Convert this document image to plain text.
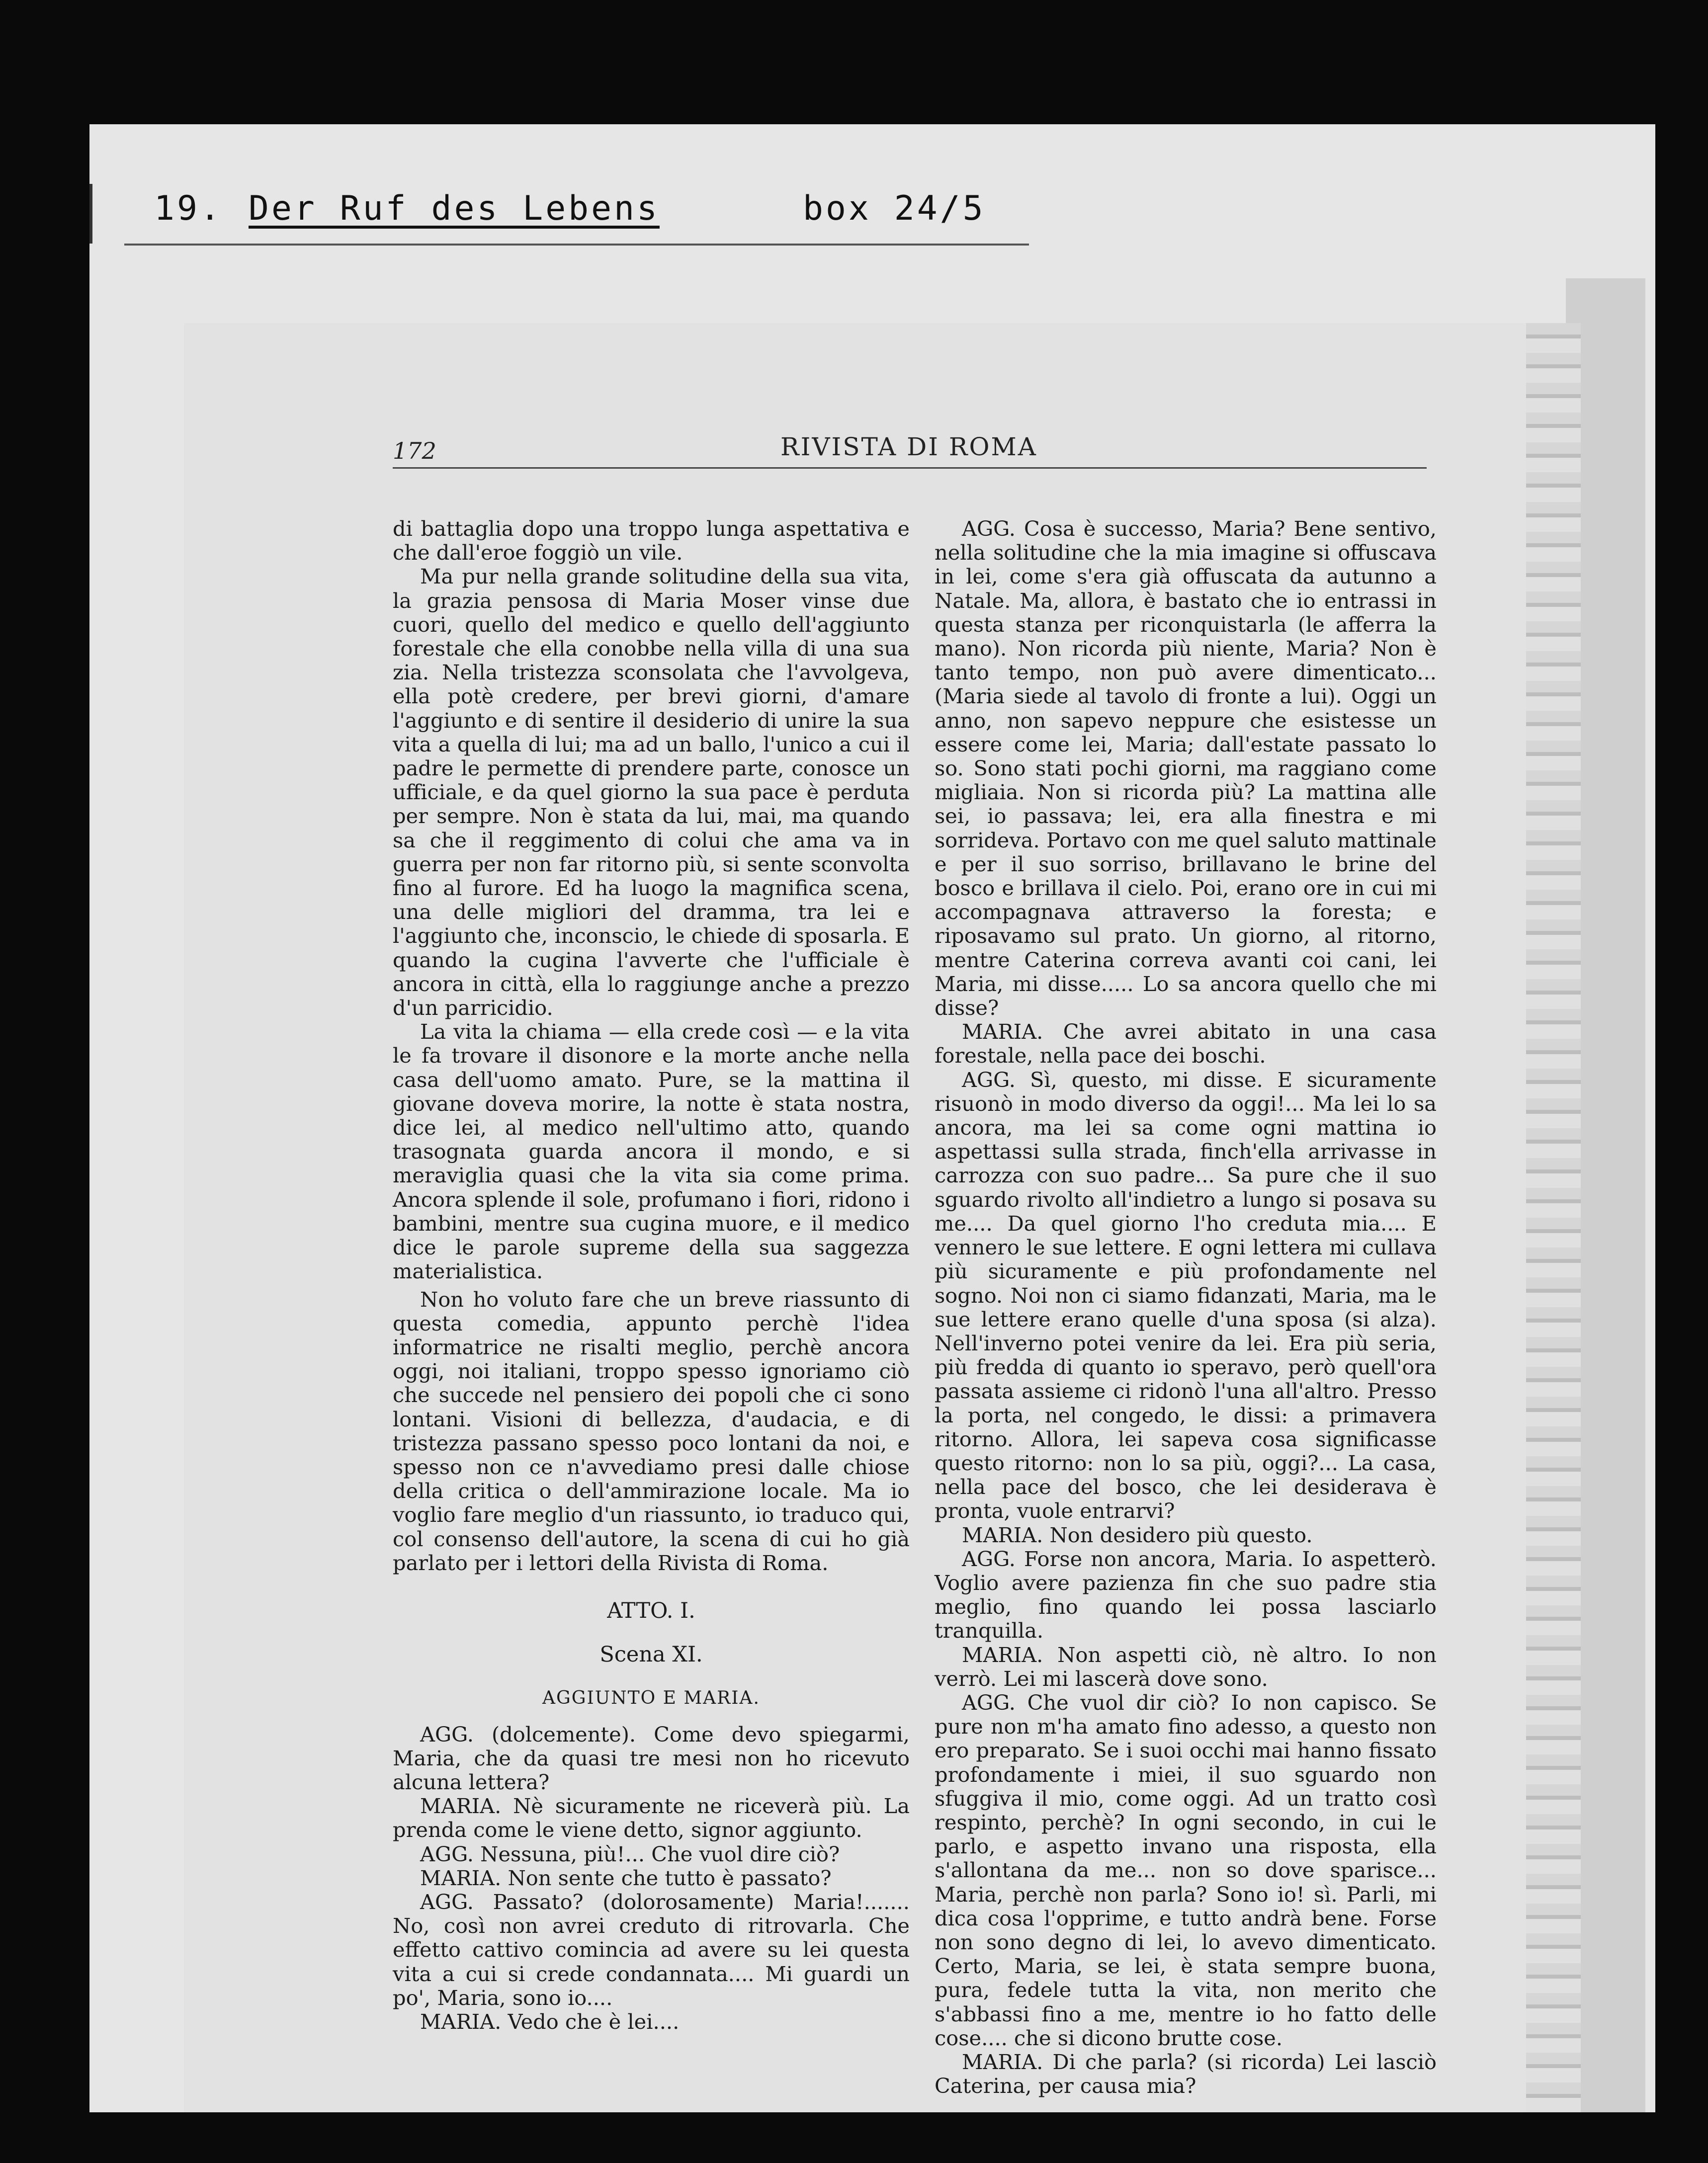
19. Der Ruf des Lebens	box 24/5
172	RIVISTA DI ROMA

di battaglia dopo una troppo lunga aspettativa e che dall'eroe foggiò un vile.

Ma pur nella grande solitudine della sua vita, la grazia pensosa di Maria Moser vinse due cuori, quello del medico e quello dell'aggiunto forestale che ella conobbe nella villa di una sua zia. Nella tristezza sconsolata che l'avvolgeva, ella potè credere, per brevi giorni, d'amare l'aggiunto e di sentire il desiderio di unire la sua vita a quella di lui; ma ad un ballo, l'unico a cui il padre le permette di prendere parte, conosce un ufficiale, e da quel giorno la sua pace è perduta per sempre. Non è stata da lui, mai, ma quando sa che il reggimento di colui che ama va in guerra per non far ritorno più, si sente sconvolta fino al furore. Ed ha luogo la magnifica scena, una delle migliori del dramma, tra lei e l'aggiunto che, inconscio, le chiede di sposarla. E quando la cugina l'avverte che l'ufficiale è ancora in città, ella lo raggiunge anche a prezzo d'un parricidio.

La vita la chiama — ella crede così — e la vita le fa trovare il disonore e la morte anche nella casa dell'uomo amato. Pure, se la mattina il giovane doveva morire, la notte è stata nostra, dice lei, al medico nell'ultimo atto, quando trasognata guarda ancora il mondo, e si meraviglia quasi che la vita sia come prima. Ancora splende il sole, profumano i fiori, ridono i bambini, mentre sua cugina muore, e il medico dice le parole supreme della sua saggezza materialistica.

Non ho voluto fare che un breve riassunto di questa comedia, appunto perchè l'idea informatrice ne risalti meglio, perchè ancora oggi, noi italiani, troppo spesso ignoriamo ciò che succede nel pensiero dei popoli che ci sono lontani. Visioni di bellezza, d'audacia, e di tristezza passano spesso poco lontani da noi, e spesso non ce n'avvediamo presi dalle chiose della critica o dell'ammirazione locale. Ma io voglio fare meglio d'un riassunto, io traduco qui, col consenso dell'autore, la scena di cui ho già parlato per i lettori della Rivista di Roma.

ATTO. I.

Scena XI.

AGGIUNTO E MARIA.

AGG. (dolcemente). Come devo spiegarmi, Maria, che da quasi tre mesi non ho ricevuto alcuna lettera?

MARIA. Nè sicuramente ne riceverà più. La prenda come le viene detto, signor aggiunto.

AGG. Nessuna, più!... Che vuol dire ciò?

MARIA. Non sente che tutto è passato?

AGG. Passato? (dolorosamente) Maria!....... No, così non avrei creduto di ritrovarla. Che effetto cattivo comincia ad avere su lei questa vita a cui si crede condannata.... Mi guardi un po', Maria, sono io....

MARIA. Vedo che è lei....

AGG. Cosa è successo, Maria? Bene sentivo, nella solitudine che la mia imagine si offuscava in lei, come s'era già offuscata da autunno a Natale. Ma, allora, è bastato che io entrassi in questa stanza per riconquistarla (le afferra la mano). Non ricorda più niente, Maria? Non è tanto tempo, non può avere dimenticato... (Maria siede al tavolo di fronte a lui). Oggi un anno, non sapevo neppure che esistesse un essere come lei, Maria; dall'estate passato lo so. Sono stati pochi giorni, ma raggiano come migliaia. Non si ricorda più? La mattina alle sei, io passava; lei, era alla finestra e mi sorrideva. Portavo con me quel saluto mattinale e per il suo sorriso, brillavano le brine del bosco e brillava il cielo. Poi, erano ore in cui mi accompagnava attraverso la foresta; e riposavamo sul prato. Un giorno, al ritorno, mentre Caterina correva avanti coi cani, lei Maria, mi disse..... Lo sa ancora quello che mi disse?

MARIA. Che avrei abitato in una casa forestale, nella pace dei boschi.

AGG. Sì, questo, mi disse. E sicuramente risuonò in modo diverso da oggi!... Ma lei lo sa ancora, ma lei sa come ogni mattina io aspettassi sulla strada, finch'ella arrivasse in carrozza con suo padre... Sa pure che il suo sguardo rivolto all'indietro a lungo si posava su me.... Da quel giorno l'ho creduta mia.... E vennero le sue lettere. E ogni lettera mi cullava più sicuramente e più profondamente nel sogno. Noi non ci siamo fidanzati, Maria, ma le sue lettere erano quelle d'una sposa (si alza). Nell'inverno potei venire da lei. Era più seria, più fredda di quanto io speravo, però quell'ora passata assieme ci ridonò l'una all'altro. Presso la porta, nel congedo, le dissi: a primavera ritorno. Allora, lei sapeva cosa significasse questo ritorno: non lo sa più, oggi?... La casa, nella pace del bosco, che lei desiderava è pronta, vuole entrarvi?

MARIA. Non desidero più questo.

AGG. Forse non ancora, Maria. Io aspetterò. Voglio avere pazienza fin che suo padre stia meglio, fino quando lei possa lasciarlo tranquilla.

MARIA. Non aspetti ciò, nè altro. Io non verrò. Lei mi lascerà dove sono.

AGG. Che vuol dir ciò? Io non capisco. Se pure non m'ha amato fino adesso, a questo non ero preparato. Se i suoi occhi mai hanno fissato profondamente i miei, il suo sguardo non sfuggiva il mio, come oggi. Ad un tratto così respinto, perchè? In ogni secondo, in cui le parlo, e aspetto invano una risposta, ella s'allontana da me... non so dove sparisce... Maria, perchè non parla? Sono io! sì. Parli, mi dica cosa l'opprime, e tutto andrà bene. Forse non sono degno di lei, lo avevo dimenticato. Certo, Maria, se lei, è stata sempre buona, pura, fedele tutta la vita, non merito che s'abbassi fino a me, mentre io ho fatto delle cose.... che si dicono brutte cose.

MARIA. Di che parla? (si ricorda) Lei lasciò Caterina, per causa mia?
